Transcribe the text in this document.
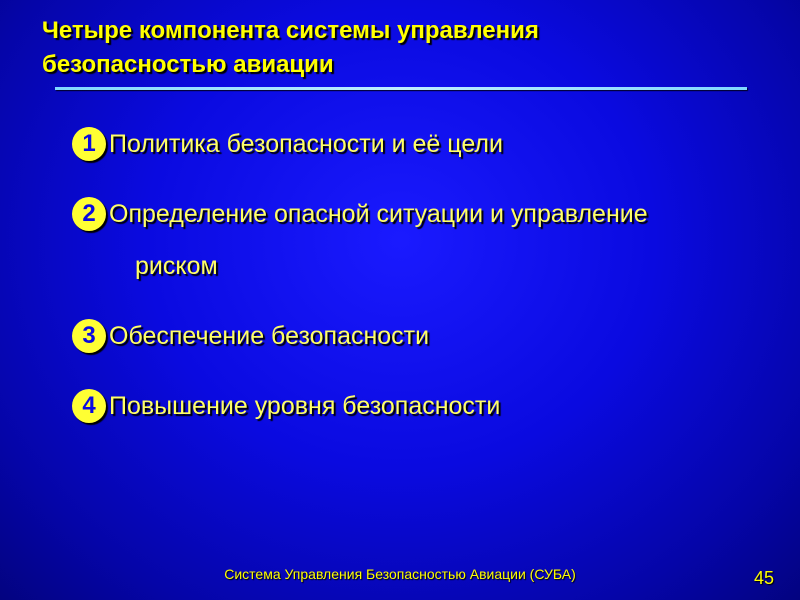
Четыре компонента системы управления
безопасностью авиации
1 Политика безопасности и её цели
2 Определение опасной ситуации и управление
риском
3 Обеспечение безопасности
4 Повышение уровня безопасности
Система Управления Безопасностью Авиации (СУБА)	45
